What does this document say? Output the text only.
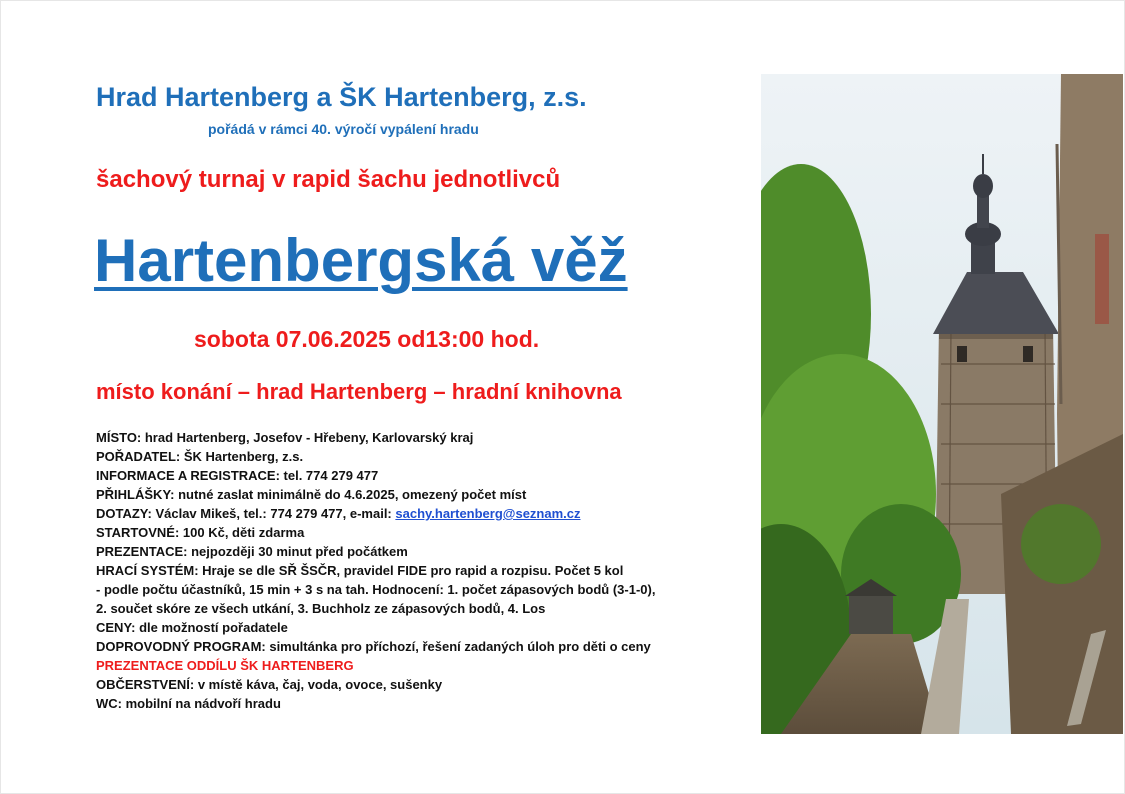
Hrad Hartenberg a ŠK Hartenberg, z.s.
pořádá v rámci 40. výročí vypálení hradu
šachový turnaj v rapid šachu jednotlivců
Hartenbergská věž
sobota 07.06.2025 od13:00 hod.
místo konání – hrad Hartenberg – hradní knihovna
MÍSTO: hrad Hartenberg, Josefov - Hřebeny, Karlovarský kraj
POŘADATEL: ŠK Hartenberg, z.s.
INFORMACE A REGISTRACE: tel. 774 279 477
PŘIHLÁŠKY: nutné zaslat minimálně do 4.6.2025, omezený počet míst
DOTAZY: Václav Mikeš, tel.: 774 279 477, e-mail: sachy.hartenberg@seznam.cz
STARTOVNÉ: 100 Kč, děti zdarma
PREZENTACE: nejpozději 30 minut před počátkem
HRACÍ SYSTÉM: Hraje se dle SŘ ŠSČR, pravidel FIDE pro rapid a rozpisu. Počet 5 kol
- podle počtu účastníků, 15 min + 3 s na tah. Hodnocení: 1. počet zápasových bodů (3-1-0),
2. součet skóre ze všech utkání, 3. Buchholz ze zápasových bodů, 4. Los
CENY: dle možností pořadatele
DOPROVODNÝ PROGRAM: simultánka pro příchozí, řešení zadaných úloh pro děti o ceny
PREZENTACE ODDÍLU ŠK HARTENBERG
OBČERSTVENÍ: v místě káva, čaj, voda, ovoce, sušenky
WC: mobilní na nádvoří hradu
